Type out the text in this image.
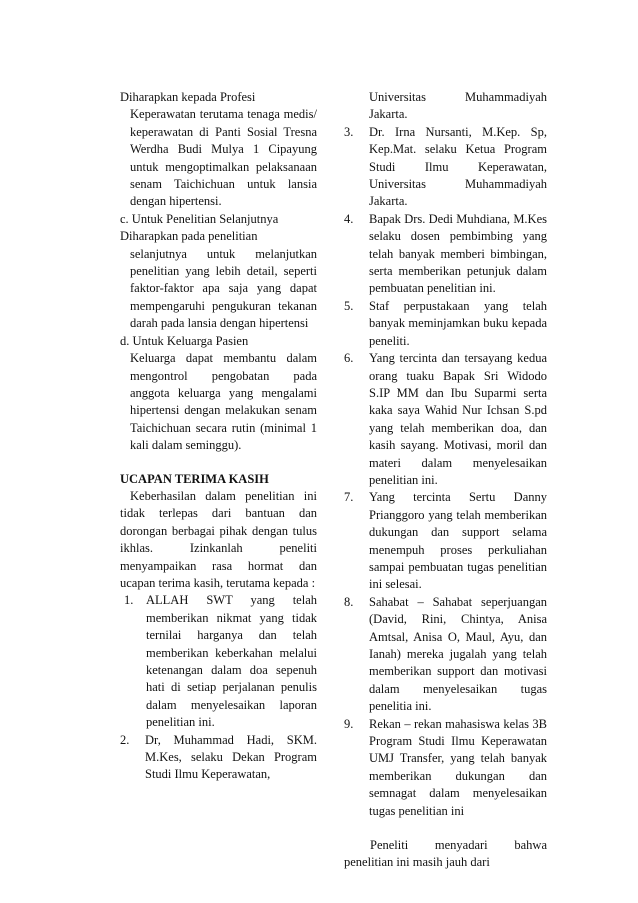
Diharapkan kepada Profesi

Keperawatan terutama tenaga medis/ keperawatan di Panti Sosial Tresna Werdha Budi Mulya 1 Cipayung untuk mengoptimalkan pelaksanaan senam Taichichuan untuk lansia dengan hipertensi.

c. Untuk Penelitian Selanjutnya

Diharapkan pada penelitian

selanjutnya untuk melanjutkan penelitian yang lebih detail, seperti faktor-faktor apa saja yang dapat mempengaruhi pengukuran tekanan darah pada lansia dengan hipertensi

d. Untuk Keluarga Pasien

Keluarga dapat membantu dalam mengontrol pengobatan pada anggota keluarga yang mengalami hipertensi dengan melakukan senam Taichichuan secara rutin (minimal 1 kali dalam seminggu).

UCAPAN TERIMA KASIH

Keberhasilan dalam penelitian ini tidak terlepas dari bantuan dan dorongan berbagai pihak dengan tulus ikhlas. Izinkanlah peneliti menyampaikan rasa hormat dan ucapan terima kasih, terutama kepada :

1.	ALLAH SWT yang telah memberikan nikmat yang tidak ternilai harganya dan telah memberikan keberkahan melalui ketenangan dalam doa sepenuh hati di setiap perjalanan penulis dalam menyelesaikan laporan penelitian ini.
2.	Dr, Muhammad Hadi, SKM. M.Kes, selaku Dekan Program Studi Ilmu Keperawatan,

Universitas Muhammadiyah Jakarta.

3.	Dr. Irna Nursanti, M.Kep. Sp, Kep.Mat. selaku Ketua Program Studi Ilmu Keperawatan, Universitas Muhammadiyah Jakarta.
4.	Bapak Drs. Dedi Muhdiana, M.Kes selaku dosen pembimbing yang telah banyak memberi bimbingan, serta memberikan petunjuk dalam pembuatan penelitian ini.
5.	Staf perpustakaan yang telah banyak meminjamkan buku kepada peneliti.
6.	Yang tercinta dan tersayang kedua orang tuaku Bapak Sri Widodo S.IP MM dan Ibu Suparmi serta kaka saya Wahid Nur Ichsan S.pd yang telah memberikan doa, dan kasih sayang. Motivasi, moril dan materi dalam menyelesaikan penelitian ini.
7.	Yang tercinta Sertu Danny Prianggoro yang telah memberikan dukungan dan support selama menempuh proses perkuliahan sampai pembuatan tugas penelitian ini selesai.
8.	Sahabat – Sahabat seperjuangan (David, Rini, Chintya, Anisa Amtsal, Anisa O, Maul, Ayu, dan Ianah) mereka jugalah yang telah memberikan support dan motivasi dalam menyelesaikan tugas penelitia ini.
9.	Rekan – rekan mahasiswa kelas 3B Program Studi Ilmu Keperawatan UMJ Transfer, yang telah banyak memberikan dukungan dan semnagat dalam menyelesaikan tugas penelitian ini

Peneliti menyadari bahwa penelitian ini masih jauh dari
